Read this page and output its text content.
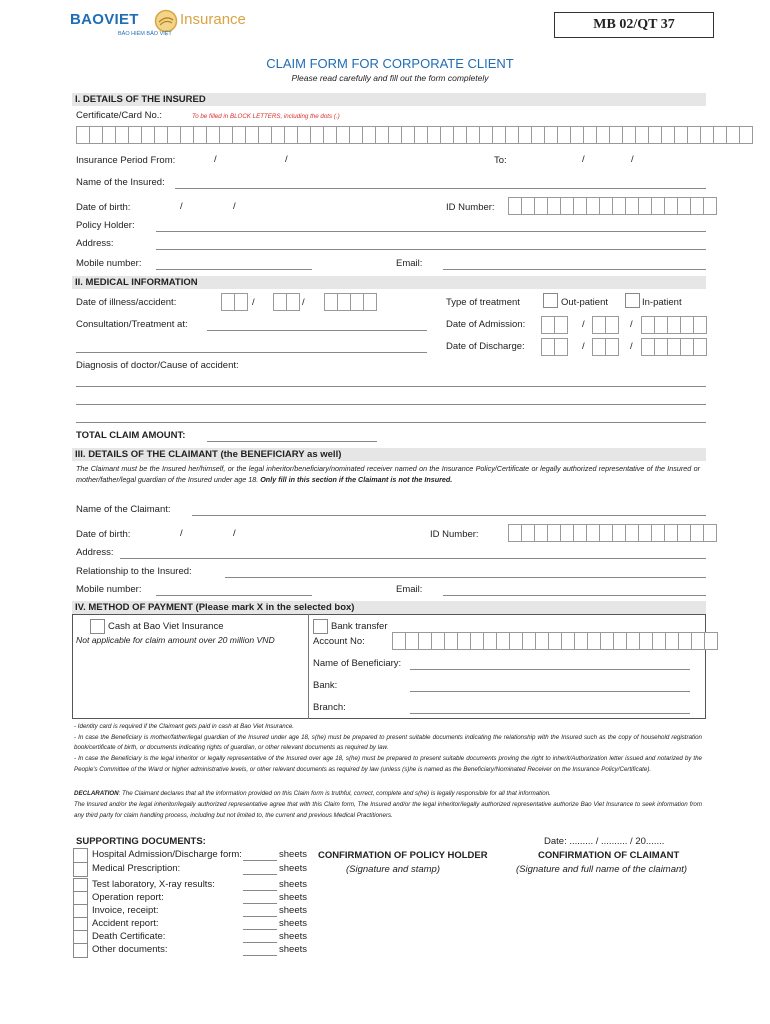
BAOVIET	Insurance
BẢO HIỂM BẢO VIỆT
MB 02/QT 37
CLAIM FORM FOR CORPORATE CLIENT
Please read carefully and fill out the form completely
I. DETAILS OF THE INSURED
Certificate/Card No.:	To be filled in BLOCK LETTERS, including the dots (.)
Insurance Period From:	/	/	To:	/	/
Name of the Insured:
Date of birth:	/	/	ID Number:
Policy Holder:
Address:
Mobile number:	Email:
II. MEDICAL INFORMATION
Date of illness/accident:	/	/	Type of treatment	Out-patient	In-patient
Consultation/Treatment at:	Date of Admission:	/	/
Date of Discharge:	/	/
Diagnosis of doctor/Cause of accident:
TOTAL CLAIM AMOUNT:
III. DETAILS OF THE CLAIMANT (the BENEFICIARY as well)
The Claimant must be the Insured her/himself, or the legal inheritor/beneficiary/nominated receiver named on the Insurance Policy/Certificate or legally authorized representative of the Insured or mother/father/legal guardian of the Insured under age 18. Only fill in this section if the Claimant is not the Insured.
Name of the Claimant:
Date of birth:	/	/	ID Number:
Address:
Relationship to the Insured:
Mobile number:	Email:
IV. METHOD OF PAYMENT (Please mark X in the selected box)
Cash at Bao Viet Insurance
Not applicable for claim amount over 20 million VND
Bank transfer
Account No:
Name of Beneficiary:
Bank:
Branch:
- Identity card is required if the Claimant gets paid in cash at Bao Viet Insurance.
- In case the Beneficiary is mother/father/legal guardian of the Insured under age 18, s(he) must be prepared to present suitable documents indicating the relationship with the Insured such as the copy of household registration book/certificate of birth, or documents indicating rights of guardian, or other relevant documents as required by law.
- In case the Beneficiary is the legal inheritor or legally representative of the Insured over age 18, s(he) must be prepared to present suitable documents proving the right to inherit/Authorization letter issued and notarized by the People's Committee of the Ward or higher administrative levels, or other relevant documents as required by law (unless (s)he is named as the Beneficiary/Nominated Receiver on the Insurance Policy/Certificate).
DECLARATION: The Claimant declares that all the information provided on this Claim form is truthful, correct, complete and s(he) is legally responsible for all that information.
The Insured and/or the legal inheritor/legally authorized representative agree that with this Claim form, The Insured and/or the legal inheritor/legally authorized representative authorize Bao Viet Insurance to seek information from any third party for claim handling process, including but not limited to, the current and previous Medical Practitioners.
SUPPORTING DOCUMENTS:
Hospital Admission/Discharge form:	sheets
Medical Prescription:	sheets
Test laboratory, X-ray results:	sheets
Operation report:	sheets
Invoice, receipt:	sheets
Accident report:	sheets
Death Certificate:	sheets
Other documents:	sheets
Date: ......... / .......... / 20.......
CONFIRMATION OF POLICY HOLDER
(Signature and stamp)
CONFIRMATION OF CLAIMANT
(Signature and full name of the claimant)
